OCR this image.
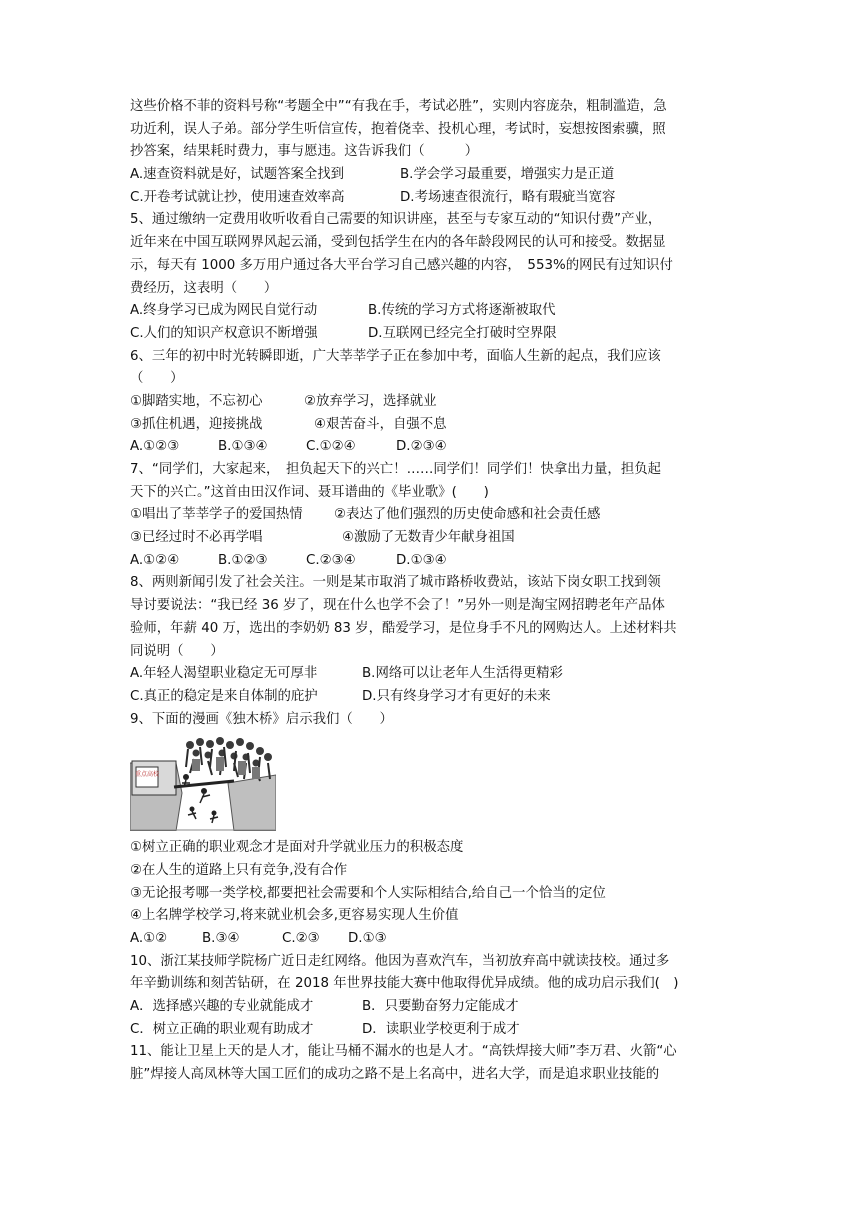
这些价格不菲的资料号称“考题全中”“有我在手，考试必胜”，实则内容庞杂，粗制滥造，急
功近利，误人子弟。部分学生听信宣传，抱着侥幸、投机心理，考试时，妄想按图索骥，照
抄答案，结果耗时费力，事与愿违。这告诉我们（　　　）
A.速查资料就是好，试题答案全找到	B.学会学习最重要，增强实力是正道
C.开卷考试就让抄，使用速查效率高	D.考场速查很流行，略有瑕疵当宽容
5、通过缴纳一定费用收听收看自己需要的知识讲座，甚至与专家互动的“知识付费”产业，
近年来在中国互联网界风起云涌，受到包括学生在内的各年龄段网民的认可和接受。数据显
示，每天有 1000 多万用户通过各大平台学习自己感兴趣的内容，　553%的网民有过知识付
费经历，这表明（　　）
A.终身学习已成为网民自觉行动	B.传统的学习方式将逐渐被取代
C.人们的知识产权意识不断增强	D.互联网已经完全打破时空界限
6、三年的初中时光转瞬即逝，广大莘莘学子正在参加中考，面临人生新的起点，我们应该
（　　）
①脚踏实地，不忘初心	②放弃学习，选择就业
③抓住机遇，迎接挑战	④艰苦奋斗，自强不息
A.①②③	B.①③④	C.①②④	D.②③④
7、“同学们，大家起来，　担负起天下的兴亡！……同学们！同学们！快拿出力量，担负起
天下的兴亡。”这首由田汉作词、聂耳谱曲的《毕业歌》(　　)
①唱出了莘莘学子的爱国热情 ②表达了他们强烈的历史使命感和社会责任感
③已经过时不必再学唱	④激励了无数青少年献身祖国
A.①②④	B.①②③	C.②③④	D.①③④
8、两则新闻引发了社会关注。一则是某市取消了城市路桥收费站，该站下岗女职工找到领
导讨要说法：“我已经 36 岁了，现在什么也学不会了！”另外一则是淘宝网招聘老年产品体
验师，年薪 40 万，选出的李奶奶 83 岁，酷爱学习，是位身手不凡的网购达人。上述材料共
同说明（　　）
A.年轻人渴望职业稳定无可厚非	B.网络可以让老年人生活得更精彩
C.真正的稳定是来自体制的庇护	D.只有终身学习才有更好的未来
9、下面的漫画《独木桥》启示我们（　　）
重点高校
①树立正确的职业观念才是面对升学就业压力的积极态度
②在人生的道路上只有竞争,没有合作
③无论报考哪一类学校,都要把社会需要和个人实际相结合,给自己一个恰当的定位
④上名牌学校学习,将来就业机会多,更容易实现人生价值
A.①②	B.③④	C.②③ D.①③
10、浙江某技师学院杨广近日走红网络。他因为喜欢汽车，当初放弃高中就读技校。通过多
年辛勤训练和刻苦钻研，在 2018 年世界技能大赛中他取得优异成绩。他的成功启示我们(　)
A．选择感兴趣的专业就能成才	B．只要勤奋努力定能成才
C．树立正确的职业观有助成才	D．读职业学校更利于成才
11、能让卫星上天的是人才，能让马桶不漏水的也是人才。“高铁焊接大师”李万君、火箭“心
脏”焊接人高凤林等大国工匠们的成功之路不是上名高中，进名大学，而是追求职业技能的
